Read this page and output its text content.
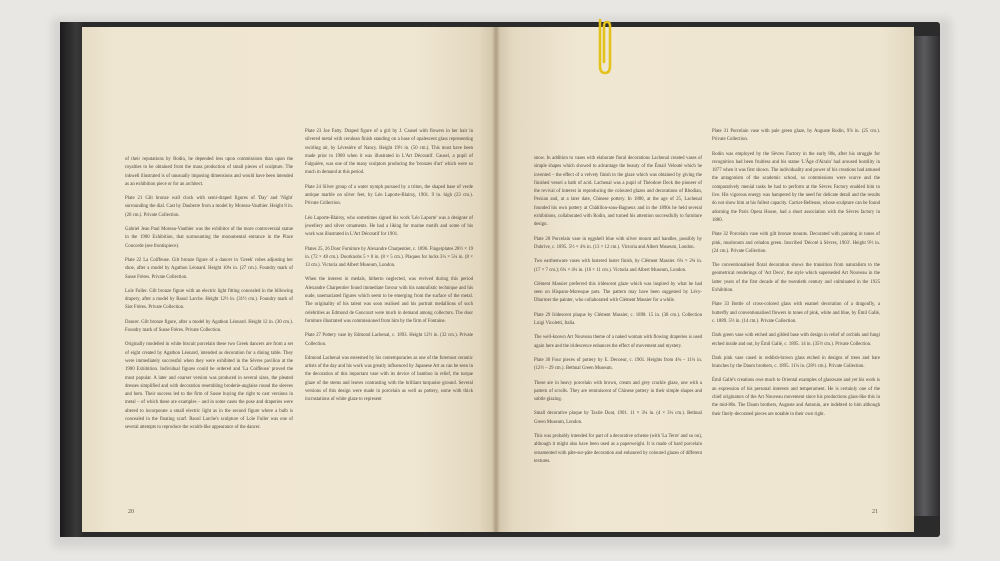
of their reputations by Rodin, he depended less upon commissions than upon the royalties to be obtained from the mass production of small pieces of sculpture. The inkwell illustrated is of unusually imposing dimensions and would have been intended as an exhibition piece or for an architect.

Plate 21 Gilt bronze wall clock with semi-draped figures of 'Day' and 'Night' surrounding the dial. Cast by Dauberre from a model by Moreau-Vauthier. Height 8 in. (20 cm.). Private Collection.

Gabriel Jean Paul Moreau-Vauthier was the exhibitor of the more controversial statue in the 1900 Exhibition, that surmounting the monumental entrance in the Place Concorde (see frontispiece).

Plate 22 La Coiffeuse. Gilt bronze figure of a dancer in 'Greek' robes adjusting her shoe, after a model by Agathon Léonard. Height 10¾ in. (27 cm.). Foundry mark of Susse Frères. Private Collection.

Loïe Fuller. Gilt bronze figure with an electric light fitting concealed in the billowing drapery, after a model by Raoul Larche. Height 12½ in. (31½ cm.). Foundry mark of Siot Frères. Private Collection.

Dancer. Gilt bronze figure, after a model by Agathon Léonard. Height 12 in. (30 cm.). Foundry mark of Susse Frères. Private Collection.

Originally modelled in white biscuit porcelain these two Greek dancers are from a set of eight created by Agathon Léonard, intended as decoration for a dining table. They were immediately successful when they were exhibited in the Sèvres pavilion at the 1900 Exhibition. Individual figures could be ordered and 'La Coiffeuse' proved the most popular. A later and coarser version was produced in several sizes, the pleated dresses simplified and with decoration resembling broderie-anglaise round the sleeves and hem. Their success led to the firm of Susse buying the right to cast versions in metal – of which these are examples – and in some cases the pose and draperies were altered to incorporate a small electric light as in the second figure where a bulb is concealed in the floating scarf. Raoul Larche's sculpture of Loïe Fuller was one of several attempts to reproduce the wraith-like appearance of the dancer.

Plate 23 Joe Fatty. Draped figure of a girl by J. Causel with flowers in her hair in silvered metal with cerulean finish standing on a base of opalescent glass representing swirling air, by Lévesière of Nancy. Height 19½ in. (50 cm.). This must have been made prior to 1900 when it was illustrated in L'Art Décoratif. Causel, a pupil of Falguière, was one of the many sculptors producing the 'bronzes d'art' which were so much in demand at this period.

Plate 24 Silver group of a water nymph pursued by a triton, the shaped base of verde antique marble on silver feet, by Léo Laporte-Blairsy, 1901. 9 in. high (23 cm.). Private Collection.

Léo Laporte-Blairsy, who sometimes signed his work 'Léo Laporte' was a designer of jewellery and silver ornaments. He had a liking for marine motifs and some of his work was illustrated in L'Art Décoratif for 1901.

Plates 25, 26 Door Furniture by Alexandre Charpentier, c. 1896. Fingerplates 28½ × 19 in. (72 × 48 cm.). Doorknobs 5 × 8 in. (8 × 5 cm.). Plaques for locks 3¼ × 5¼ in. (8 × 13 cm.). Victoria and Albert Museum, London.

When the interest in medals, hitherto neglected, was revived during this period Alexandre Charpentier found immediate favour with his naturalistic technique and his nude, unemaciated figures which seem to be emerging from the surface of the metal. The originality of his talent was soon realised and his portrait medallions of such celebrities as Edmond de Goncourt were much in demand among collectors. The door furniture illustrated was commissioned from him by the firm of Fontaine.

Plate 27 Pottery vase by Edmond Lachenal, c. 1893. Height 12½ in. (32 cm.). Private Collection.

Edmond Lachenal was esteemed by his contemporaries as one of the foremost ceramic artists of the day and his work was greatly influenced by Japanese Art as can be seen in the decoration of this important vase with its device of bamboo in relief, the turque glaze of the stems and leaves contrasting with the brilliant turquoise ground. Several versions of this design were made in porcelain as well as pottery, some with thick incrustations of white glaze to represent

snow. In addition to vases with elaborate floral decorations Lachenal created vases of simple shapes which showed to advantage the beauty of the Émail Velouté which he invented – the effect of a velvety finish to the glaze which was obtained by giving the finished vessel a bath of acid. Lachenal was a pupil of Théodore Deck the pioneer of the revival of interest in reproducing the coloured glazes and decorations of Rhodian, Persian and, at a later date, Chinese pottery. In 1880, at the age of 25, Lachenal founded his own pottery at Châtillon-sous-Bagneux and in the 1890s he held several exhibitions, collaborated with Rodin, and turned his attention successfully to furniture design.

Plate 28 Porcelain vase in eggshell blue with silver mount and handles, possibly by Dubrive, c. 1895. 5½ × 4¾ in. (13 × 12 cm.). Victoria and Albert Museum, London.

Two earthenware vases with lustered luster finish, by Clément Massier. 6¼ × 2¾ in. (17 × 7 cm.); 6¼ × 4¼ in. (16 × 11 cm.). Victoria and Albert Museum, London.

Clément Massier preferred this iridescent glaze which was inspired by what he had seen on Hispano-Moresque pots. The pattern may have been suggested by Lévy-Dhurmer the painter, who collaborated with Clément Massier for a while.

Plate 29 Iridescent plaque by Clément Massier, c. 1898. 15 in. (38 cm.). Collection Luigi Vicoletti, Italia.

The well-known Art Nouveau theme of a naked woman with flowing draperies is used again here and the iridescence enhances the effect of movement and mystery.

Plate 30 Four pieces of pottery by E. Decoeur, c. 1901. Heights from 4¾ – 11¼ in. (12½ – 29 cm.). Bethnal Green Museum.

These are in heavy porcelain with brown, cream and grey crackle glaze, one with a pattern of scrolls. They are reminiscent of Chinese pottery in their simple shapes and subtle glazing.

Small decorative plaque by Taxile Doat, 1901. 11 × 3¼ in. (4 × 3¼ cm.). Bethnal Green Museum, London.

This was probably intended for part of a decorative scheme (with 'La Terre' and so on), although it might also have been used as a paperweight. It is made of hard porcelain ornamented with pâte-sur-pâte decoration and enhanced by coloured glazes of different textures.

Plate 31 Porcelain vase with pale green glaze, by Auguste Rodin, 9⅞ in. (25 cm.). Private Collection.

Rodin was employed by the Sèvres Factory in the early 80s, after his struggle for recognition had been fruitless and his statue 'L'Âge d'Airain' had aroused hostility in 1877 when it was first shown. The individuality and power of his creations had amused the antagonism of the academic school, so commissions were scarce and the comparatively menial tasks he had to perform at the Sèvres Factory enabled him to live. His vigorous energy was hampered by the need for delicate detail and the results do not show him at his fullest capacity. Carrier-Belleuse, whose sculpture can be found adorning the Paris Opera House, had a short association with the Sèvres factory in 1880.

Plate 32 Porcelain vase with gilt bronze mounts. Decorated with painting in tones of pink, mushroom and celadon green. Inscribed 'Décoré à Sèvres, 1903'. Height 9½ in. (24 cm.). Private Collection.

The conventionalised floral decoration shows the transition from naturalism to the geometrical renderings of 'Art Deco', the style which superseded Art Nouveau in the latter years of the first decade of the twentieth century and culminated in the 1925 Exhibition.

Plate 33 Bottle of cross-colored glass with enamel decoration of a dragonfly, a butterfly and conventionalised flowers in tones of pink, white and blue, by Émil Gallé, c. 1889. 5½ in. (14 cm.). Private Collection.

Dark green vase with etched and gilded base with design in relief of orchids and fungi etched inside and out, by Émil Gallé, c. 1895. 14 in. (35½ cm.). Private Collection.

Dark pink vase cased in reddish-brown glass etched in designs of trees and bare branches by the Daum brothers, c. 1895. 11¼ in. (28½ cm.). Private Collection.

Émil Gallé's creations owe much to Oriental examples of glassware and yet his work is an expression of his personal interests and temperament. He is certainly one of the chief originators of the Art Nouveau movement since his productions glass-like this in the mid-80s. The Daum brothers, Auguste and Antonin, are indebted to him although their finely-decorated pieces are notable in their own right.

20	21
